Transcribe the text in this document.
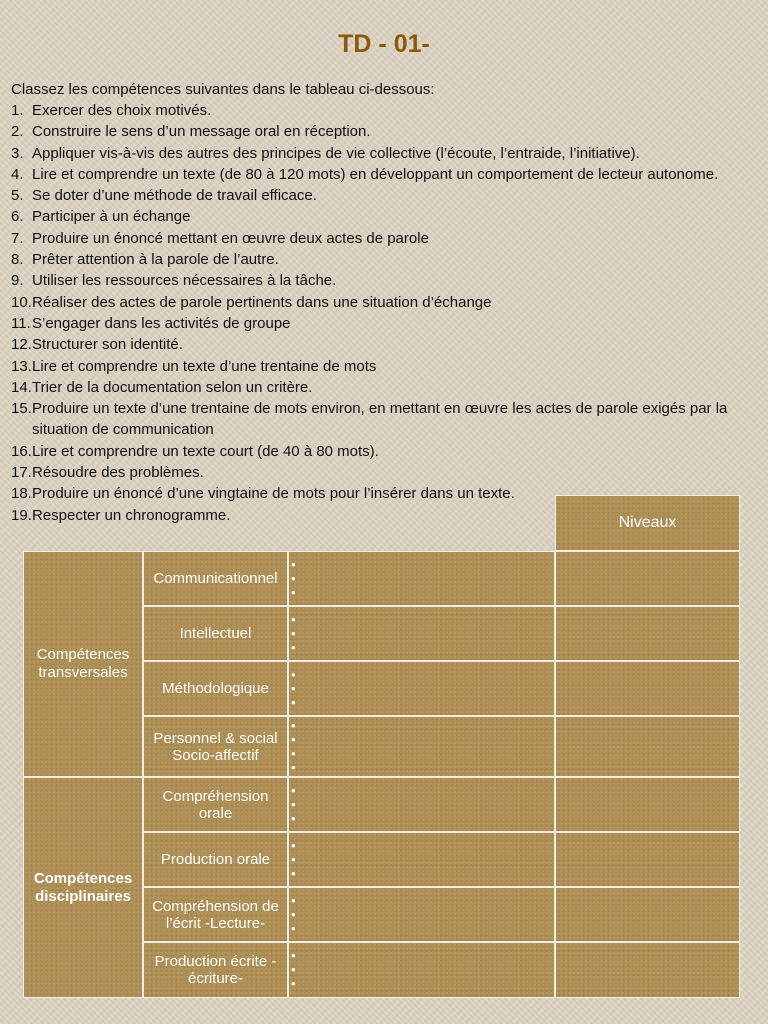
TD - 01-
Classez les compétences suivantes dans le tableau ci-dessous:
1. Exercer des choix motivés.
2. Construire le sens d’un message oral en réception.
3. Appliquer vis-à-vis des autres des principes de vie collective (l’écoute, l’entraide, l’initiative).
4. Lire et comprendre un texte (de 80 à 120 mots) en développant un comportement de lecteur autonome.
5. Se doter d’une méthode de travail efficace.
6. Participer à un échange
7. Produire un énoncé mettant en œuvre deux actes de parole
8. Prêter attention à la parole de l’autre.
9. Utiliser les ressources nécessaires à la tâche.
10. Réaliser des actes de parole pertinents dans une situation d’échange
11. S’engager dans les activités de groupe
12. Structurer son identité.
13. Lire et comprendre un texte d’une trentaine de mots
14. Trier de la documentation selon un critère.
15. Produire un texte d’une trentaine de mots environ, en mettant en œuvre les actes de parole exigés par la situation de communication
16. Lire et comprendre un texte court (de 40 à 80 mots).
17. Résoudre des problèmes.
18. Produire un énoncé d’une vingtaine de mots pour l’insérer dans un texte.
19. Respecter un chronogramme.	Niveaux
Compétences transversales
Communicationnel
•
•
•
Intellectuel
•
•
•
Méthodologique
•
•
•
Personnel & social Socio-affectif
•
•
•
•
Compétences disciplinaires
Compréhension orale
•
•
•
Production orale
•
•
•
Compréhension de l’écrit -Lecture-
•
•
•
Production écrite - écriture-
•
•
•
